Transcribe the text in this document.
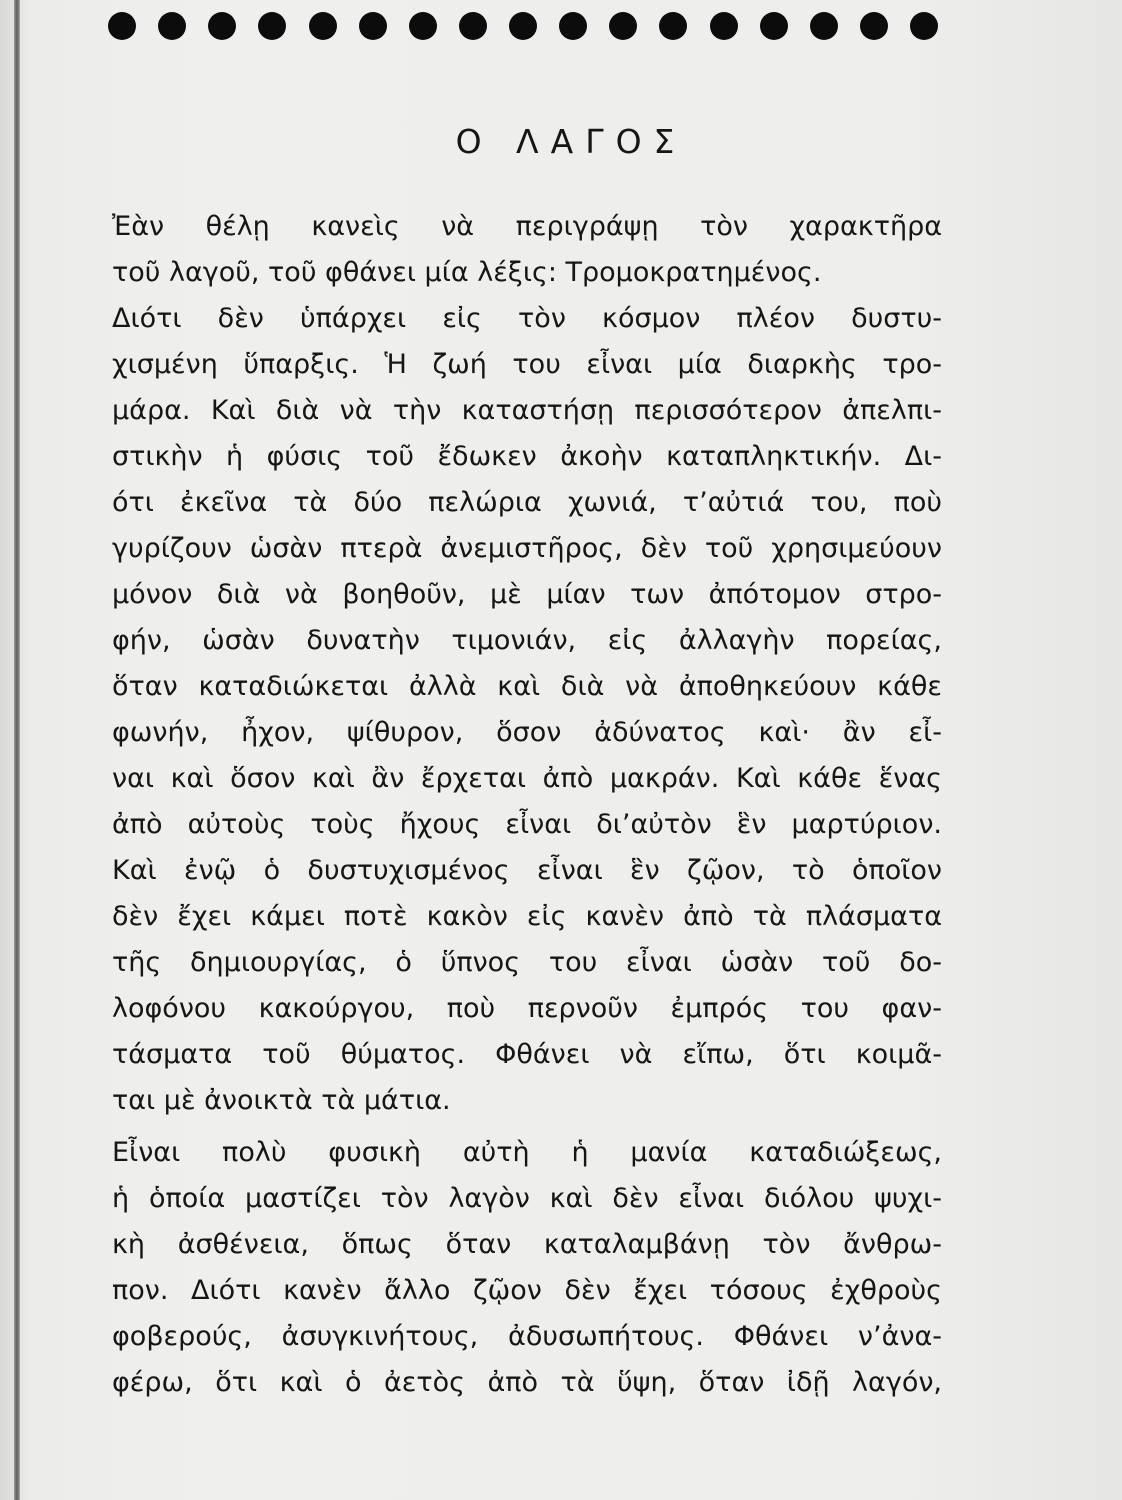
Ο ΛΑΓΟΣ
Ἐὰν θέλῃ κανεὶς νὰ περιγράψῃ τὸν χαρακτῆρα
τοῦ λαγοῦ, τοῦ φθάνει μία λέξις: Τρομοκρατημένος.
Διότι δὲν ὑπάρχει εἰς τὸν κόσμον πλέον δυστυ-
χισμένη ὕπαρξις. Ἡ ζωή του εἶναι μία διαρκὴς τρο-
μάρα. Καὶ διὰ νὰ τὴν καταστήσῃ περισσότερον ἀπελπι-
στικὴν ἡ φύσις τοῦ ἔδωκεν ἀκοὴν καταπληκτικήν. Δι-
ότι ἐκεῖνα τὰ δύο πελώρια χωνιά, τ’αὐτιά του, ποὺ
γυρίζουν ὡσὰν πτερὰ ἀνεμιστῆρος, δὲν τοῦ χρησιμεύουν
μόνον διὰ νὰ βοηθοῦν, μὲ μίαν των ἀπότομον στρο-
φήν, ὡσὰν δυνατὴν τιμονιάν, εἰς ἀλλαγὴν πορείας,
ὅταν καταδιώκεται ἀλλὰ καὶ διὰ νὰ ἀποθηκεύουν κάθε
φωνήν, ἦχον, ψίθυρον, ὅσον ἀδύνατος καὶ· ἂν εἶ-
ναι καὶ ὅσον καὶ ἂν ἔρχεται ἀπὸ μακράν. Καὶ κάθε ἕνας
ἀπὸ αὐτοὺς τοὺς ἤχους εἶναι δι’αὐτὸν ἓν μαρτύριον.
Καὶ ἐνῷ ὁ δυστυχισμένος εἶναι ἓν ζῷον, τὸ ὁποῖον
δὲν ἔχει κάμει ποτὲ κακὸν εἰς κανὲν ἀπὸ τὰ πλάσματα
τῆς δημιουργίας, ὁ ὕπνος του εἶναι ὡσὰν τοῦ δο-
λοφόνου κακούργου, ποὺ περνοῦν ἐμπρός του φαν-
τάσματα τοῦ θύματος. Φθάνει νὰ εἴπω, ὅτι κοιμᾶ-
ται μὲ ἀνοικτὰ τὰ μάτια.
Εἶναι πολὺ φυσικὴ αὐτὴ ἡ μανία καταδιώξεως,
ἡ ὁποία μαστίζει τὸν λαγὸν καὶ δὲν εἶναι διόλου ψυχι-
κὴ ἀσθένεια, ὅπως ὅταν καταλαμβάνῃ τὸν ἄνθρω-
πον. Διότι κανὲν ἄλλο ζῷον δὲν ἔχει τόσους ἐχθροὺς
φοβερούς, ἀσυγκινήτους, ἀδυσωπήτους. Φθάνει ν’ἀνα-
φέρω, ὅτι καὶ ὁ ἀετὸς ἀπὸ τὰ ὕψη, ὅταν ἰδῇ λαγόν,
